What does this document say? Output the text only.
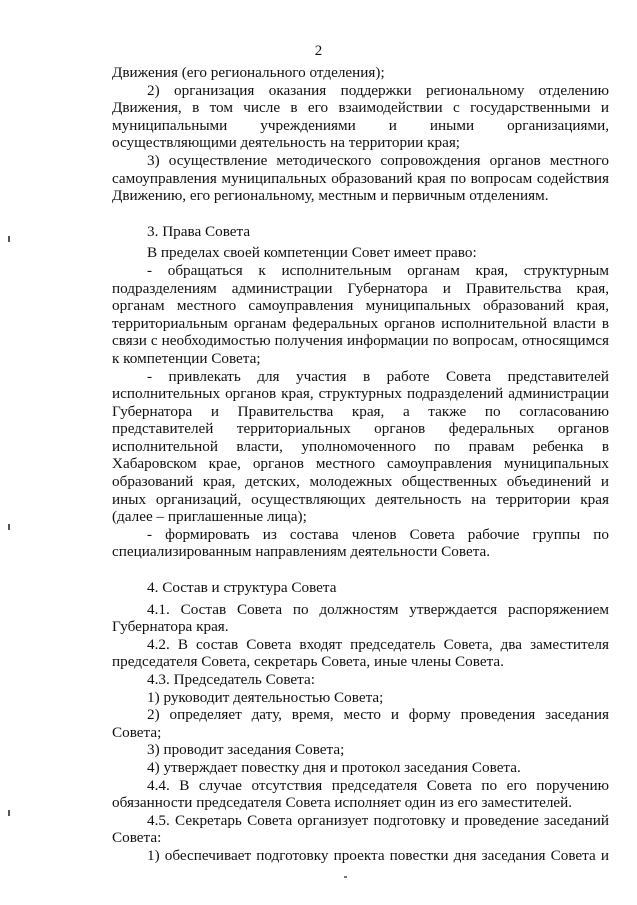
2

Движения (его регионального отделения);

2) организация оказания поддержки региональному отделению Движения, в том числе в его взаимодействии с государственными и муниципальными учреждениями и иными организациями, осуществляющими деятельность на территории края;

3) осуществление методического сопровождения органов местного самоуправления муниципальных образований края по вопросам содействия Движению, его региональному, местным и первичным отделениям.

3. Права Совета

В пределах своей компетенции Совет имеет право:

- обращаться к исполнительным органам края, структурным подразделениям администрации Губернатора и Правительства края, органам местного самоуправления муниципальных образований края, территориальным органам федеральных органов исполнительной власти в связи с необходимостью получения информации по вопросам, относящимся к компетенции Совета;

- привлекать для участия в работе Совета представителей исполнительных органов края, структурных подразделений администрации Губернатора и Правительства края, а также по согласованию представителей территориальных органов федеральных органов исполнительной власти, уполномоченного по правам ребенка в Хабаровском крае, органов местного самоуправления муниципальных образований края, детских, молодежных общественных объединений и иных организаций, осуществляющих деятельность на территории края (далее – приглашенные лица);

- формировать из состава членов Совета рабочие группы по специализированным направлениям деятельности Совета.

4. Состав и структура Совета

4.1. Состав Совета по должностям утверждается распоряжением Губернатора края.

4.2. В состав Совета входят председатель Совета, два заместителя председателя Совета, секретарь Совета, иные члены Совета.

4.3. Председатель Совета:

1) руководит деятельностью Совета;

2) определяет дату, время, место и форму проведения заседания Совета;

3) проводит заседания Совета;

4) утверждает повестку дня и протокол заседания Совета.

4.4. В случае отсутствия председателя Совета по его поручению обязанности председателя Совета исполняет один из его заместителей.

4.5. Секретарь Совета организует подготовку и проведение заседаний Совета:

1) обеспечивает подготовку проекта повестки дня заседания Совета и
